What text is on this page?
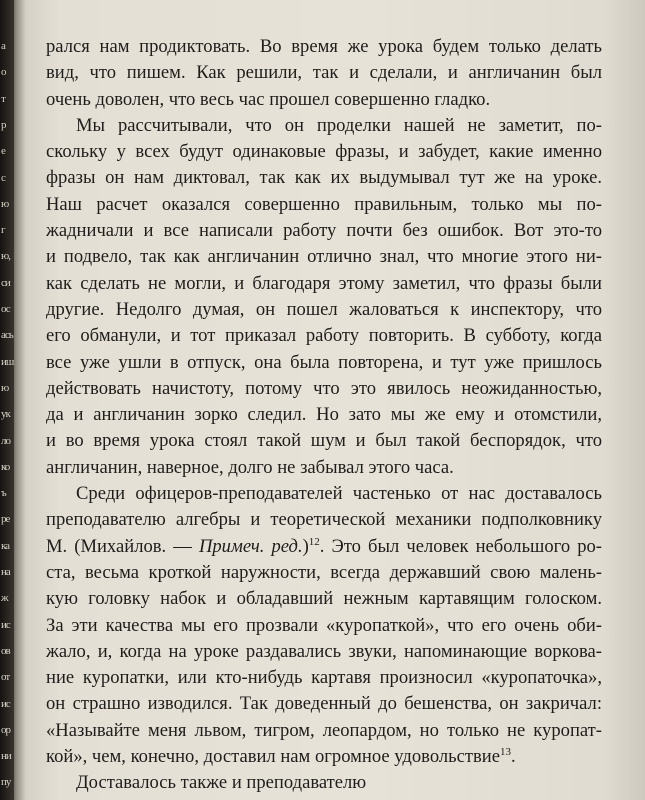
а
о
т
р
е
с
ю
г
ю,
си
ос
ась
иш
ю
ук
ло
ко
ъ
ре
ка
на
ж
ис
ов
от
ис
ор
ни
пу

рался нам продиктовать. Во время же урока будем только делать
вид, что пишем. Как решили, так и сделали, и англичанин был
очень доволен, что весь час прошел совершенно гладко.

Мы рассчитывали, что он проделки нашей не заметит, по-
скольку у всех будут одинаковые фразы, и забудет, какие именно
фразы он нам диктовал, так как их выдумывал тут же на уроке.
Наш расчет оказался совершенно правильным, только мы по-
жадничали и все написали работу почти без ошибок. Вот это-то
и подвело, так как англичанин отлично знал, что многие этого ни-
как сделать не могли, и благодаря этому заметил, что фразы были
другие. Недолго думая, он пошел жаловаться к инспектору, что
его обманули, и тот приказал работу повторить. В субботу, когда
все уже ушли в отпуск, она была повторена, и тут уже пришлось
действовать начистоту, потому что это явилось неожиданностью,
да и англичанин зорко следил. Но зато мы же ему и отомстили,
и во время урока стоял такой шум и был такой беспорядок, что
англичанин, наверное, долго не забывал этого часа.

Среди офицеров-преподавателей частенько от нас доставалось
преподавателю алгебры и теоретической механики подполковнику
М. (Михайлов. — Примеч. ред.)$^{12}$. Это был человек небольшого ро-
ста, весьма кроткой наружности, всегда державший свою малень-
кую головку набок и обладавший нежным картавящим голоском.
За эти качества мы его прозвали «куропаткой», что его очень оби-
жало, и, когда на уроке раздавались звуки, напоминающие воркова-
ние куропатки, или кто-нибудь картавя произносил «куропаточка»,
он страшно изводился. Так доведенный до бешенства, он закричал:
«Называйте меня львом, тигром, леопардом, но только не куропат-
кой», чем, конечно, доставил нам огромное удовольствие$^{13}$.

Доставалось также и преподавателю
